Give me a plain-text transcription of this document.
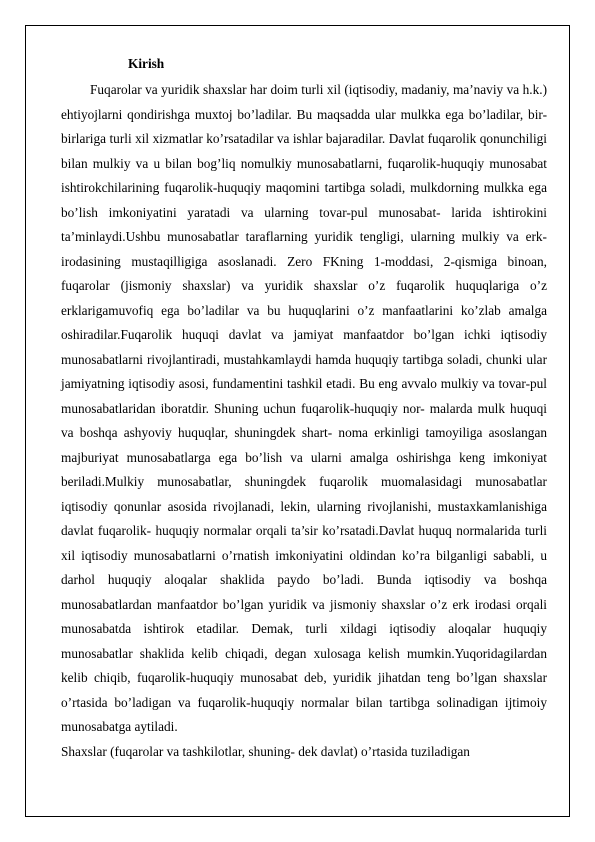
Kirish

Fuqarolar va yuridik shaxslar har doim turli xil (iqtisodiy, madaniy, ma’naviy va h.k.) ehtiyojlarni qondirishga muxtoj bo’ladilar. Bu maqsadda ular mulkka ega bo’ladilar, bir-birlariga turli xil xizmatlar ko’rsatadilar va ishlar bajaradilar. Davlat fuqarolik qonunchiligi bilan mulkiy va u bilan bog’liq nomulkiy munosabatlarni, fuqarolik-huquqiy munosabat ishtirokchilarining fuqarolik-huquqiy maqomini tartibga soladi, mulkdorning mulkka ega bo’lish imkoniyatini yaratadi va ularning tovar-pul munosabat- larida ishtirokini ta’minlaydi.Ushbu munosabatlar taraflarning yuridik tengligi, ularning mulkiy va erk-irodasining mustaqilligiga asoslanadi. Zero FKning 1-moddasi, 2-qismiga binoan, fuqarolar (jismoniy shaxslar) va yuridik shaxslar o’z fuqarolik huquqlariga o’z erklarigamuvofiq ega bo’ladilar va bu huquqlarini o’z manfaatlarini ko’zlab amalga oshiradilar.Fuqarolik huquqi davlat va jamiyat manfaatdor bo’lgan ichki iqtisodiy munosabatlarni rivojlantiradi, mustahkamlaydi hamda huquqiy tartibga soladi, chunki ular jamiyatning iqtisodiy asosi, fundamentini tashkil etadi. Bu eng avvalo mulkiy va tovar-pul munosabatlaridan iboratdir. Shuning uchun fuqarolik-huquqiy nor- malarda mulk huquqi va boshqa ashyoviy huquqlar, shuningdek shart- noma erkinligi tamoyiliga asoslangan majburiyat munosabatlarga ega bo’lish va ularni amalga oshirishga keng imkoniyat beriladi.Mulkiy munosabatlar, shuningdek fuqarolik muomalasidagi munosabatlar iqtisodiy qonunlar asosida rivojlanadi, lekin, ularning rivojlanishi, mustaxkamlanishiga davlat fuqarolik- huquqiy normalar orqali ta’sir ko’rsatadi.Davlat huquq normalarida turli xil iqtisodiy munosabatlarni o’rnatish imkoniyatini oldindan ko’ra bilganligi sababli, u darhol huquqiy aloqalar shaklida paydo bo’ladi. Bunda iqtisodiy va boshqa munosabatlardan manfaatdor bo’lgan yuridik va jismoniy shaxslar o’z erk irodasi orqali munosabatda ishtirok etadilar. Demak, turli xildagi iqtisodiy aloqalar huquqiy munosabatlar shaklida kelib chiqadi, degan xulosaga kelish mumkin.Yuqoridagilardan kelib chiqib, fuqarolik-huquqiy munosabat deb, yuridik jihatdan teng bo’lgan shaxslar o’rtasida bo’ladigan va fuqarolik-huquqiy normalar bilan tartibga solinadigan ijtimoiy munosabatga aytiladi.
Shaxslar (fuqarolar va tashkilotlar, shuning- dek davlat) o’rtasida tuziladigan
